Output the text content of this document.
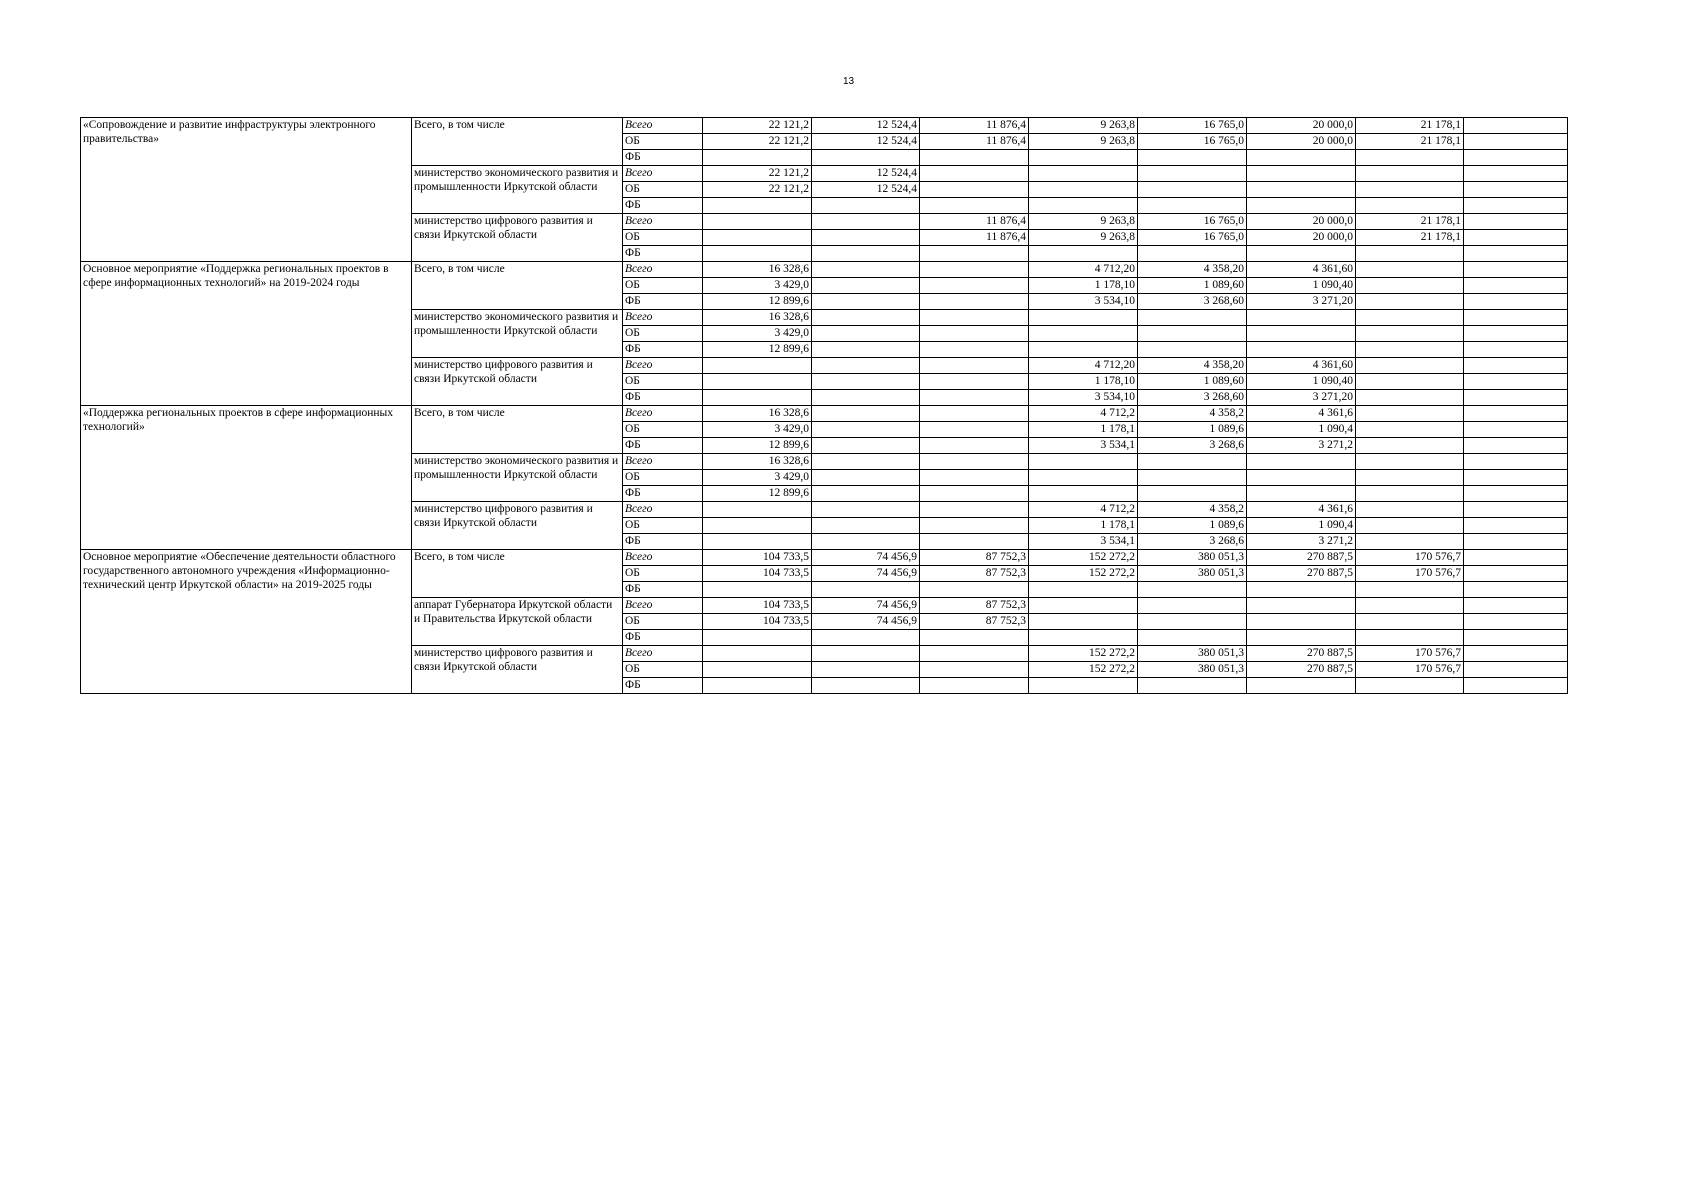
13
«Сопровождение и развитие инфраструктуры электронного правительства»	Всего, в том числе	Всего	22 121,2	12 524,4	11 876,4	9 263,8	16 765,0	20 000,0	21 178,1	
		ОБ	22 121,2	12 524,4	11 876,4	9 263,8	16 765,0	20 000,0	21 178,1	
		ФБ								
	министерство экономического развития и промышленности Иркутской области	Всего	22 121,2	12 524,4						
		ОБ	22 121,2	12 524,4						
		ФБ								
	министерство цифрового развития и связи Иркутской области	Всего			11 876,4	9 263,8	16 765,0	20 000,0	21 178,1	
		ОБ			11 876,4	9 263,8	16 765,0	20 000,0	21 178,1	
		ФБ								
Основное мероприятие «Поддержка региональных проектов в сфере информационных технологий» на 2019-2024 годы	Всего, в том числе	Всего	16 328,6			4 712,20	4 358,20	4 361,60		
		ОБ	3 429,0			1 178,10	1 089,60	1 090,40		
		ФБ	12 899,6			3 534,10	3 268,60	3 271,20		
	министерство экономического развития и промышленности Иркутской области	Всего	16 328,6							
		ОБ	3 429,0							
		ФБ	12 899,6							
	министерство цифрового развития и связи Иркутской области	Всего				4 712,20	4 358,20	4 361,60		
		ОБ				1 178,10	1 089,60	1 090,40		
		ФБ				3 534,10	3 268,60	3 271,20		
«Поддержка региональных проектов в сфере информационных технологий»	Всего, в том числе	Всего	16 328,6			4 712,2	4 358,2	4 361,6		
		ОБ	3 429,0			1 178,1	1 089,6	1 090,4		
		ФБ	12 899,6			3 534,1	3 268,6	3 271,2		
	министерство экономического развития и промышленности Иркутской области	Всего	16 328,6							
		ОБ	3 429,0							
		ФБ	12 899,6							
	министерство цифрового развития и связи Иркутской области	Всего				4 712,2	4 358,2	4 361,6		
		ОБ				1 178,1	1 089,6	1 090,4		
		ФБ				3 534,1	3 268,6	3 271,2		
Основное мероприятие «Обеспечение деятельности областного государственного автономного учреждения «Информационно-технический центр Иркутской области» на 2019-2025 годы	Всего, в том числе	Всего	104 733,5	74 456,9	87 752,3	152 272,2	380 051,3	270 887,5	170 576,7	
		ОБ	104 733,5	74 456,9	87 752,3	152 272,2	380 051,3	270 887,5	170 576,7	
		ФБ								
	аппарат Губернатора Иркутской области и Правительства Иркутской области	Всего	104 733,5	74 456,9	87 752,3					
		ОБ	104 733,5	74 456,9	87 752,3					
		ФБ								
	министерство цифрового развития и связи Иркутской области	Всего				152 272,2	380 051,3	270 887,5	170 576,7	
		ОБ				152 272,2	380 051,3	270 887,5	170 576,7	
		ФБ								
